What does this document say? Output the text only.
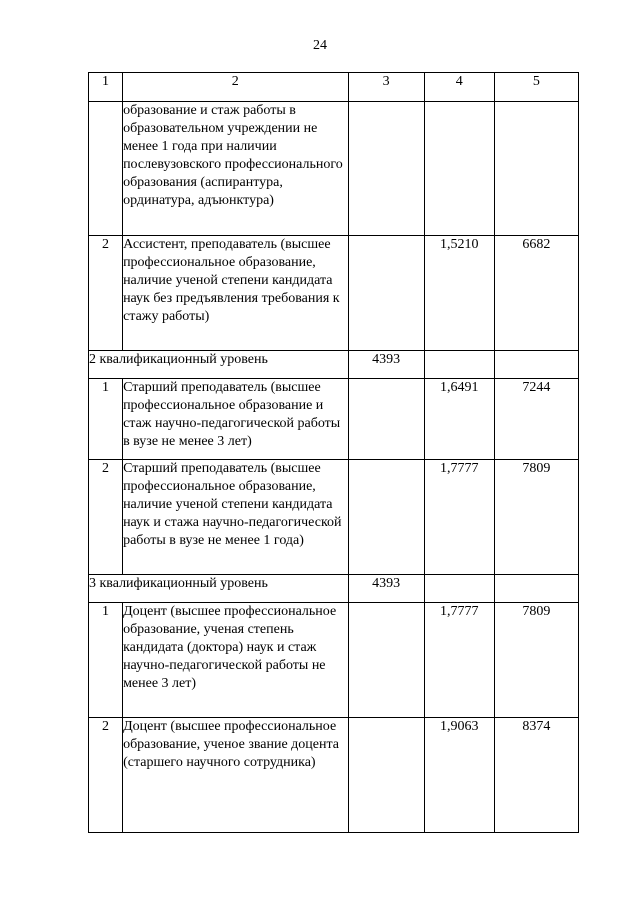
24
1	2	3	4	5
	образование и стаж работы в образовательном учреждении не менее 1 года при наличии послевузовского профессионального образования (аспирантура, ординатура, адъюнктура)			
2	Ассистент, преподаватель (высшее профессиональное образование, наличие ученой степени кандидата наук без предъявления требования к стажу работы)		1,5210	6682
2 квалификационный уровень		4393		
1	Старший преподаватель (высшее профессиональное образование и стаж научно-педагогической работы в вузе не менее 3 лет)		1,6491	7244
2	Старший преподаватель (высшее профессиональное образование, наличие ученой степени кандидата наук и стажа научно-педагогической работы в вузе не менее 1 года)		1,7777	7809
3 квалификационный уровень		4393		
1	Доцент (высшее профессиональное образование, ученая степень кандидата (доктора) наук и стаж научно-педагогической работы не менее 3 лет)		1,7777	7809
2	Доцент (высшее профессиональное образование, ученое звание доцента (старшего научного сотрудника)		1,9063	8374
